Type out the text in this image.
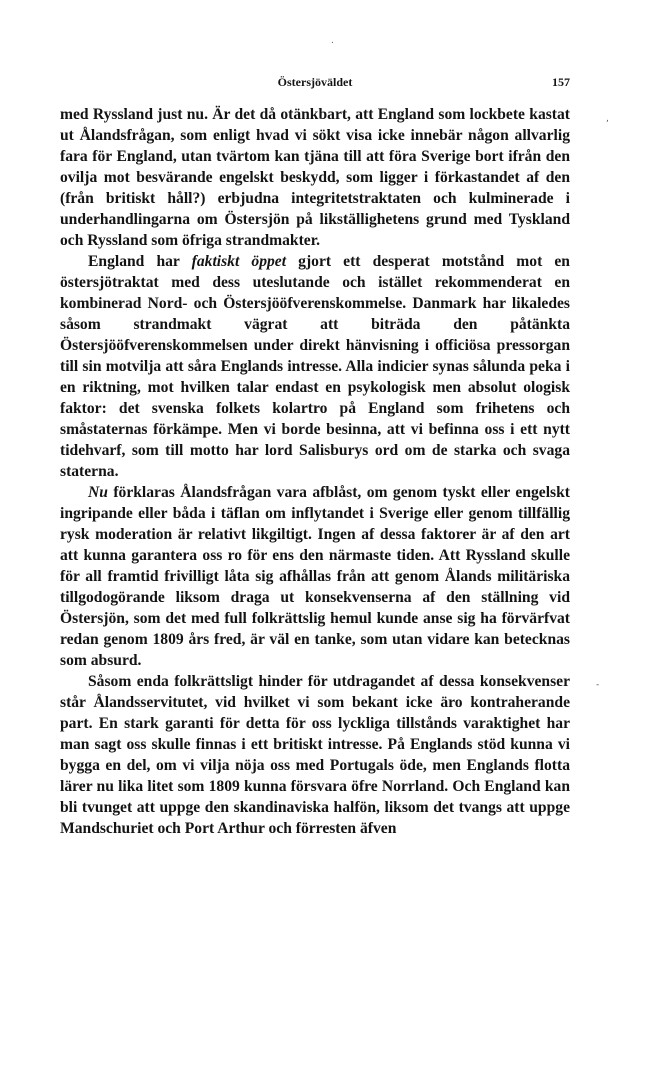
Östersjöväldet	157
.
,
-

med Ryssland just nu. Är det då otänkbart, att England som lockbete kastat ut Ålandsfrågan, som enligt hvad vi sökt visa icke innebär någon allvarlig fara för England, utan tvärtom kan tjäna till att föra Sverige bort ifrån den ovilja mot besvärande engelskt beskydd, som ligger i förkastandet af den (från britiskt håll?) erbjudna integritetstraktaten och kulminerade i underhandlingarna om Östersjön på likställighetens grund med Tyskland och Ryssland som öfriga strandmakter.

England har faktiskt öppet gjort ett desperat motstånd mot en östersjötraktat med dess uteslutande och istället rekommenderat en kombinerad Nord- och Östersjööfverenskommelse. Danmark har likaledes såsom strandmakt vägrat att biträda den påtänkta Östersjööfverenskommelsen under direkt hänvisning i officiösa pressorgan till sin motvilja att såra Englands intresse. Alla indicier synas sålunda peka i en riktning, mot hvilken talar endast en psykologisk men absolut ologisk faktor: det svenska folkets kolartro på England som frihetens och småstaternas förkämpe. Men vi borde besinna, att vi befinna oss i ett nytt tidehvarf, som till motto har lord Salisburys ord om de starka och svaga staterna.

Nu förklaras Ålandsfrågan vara afblåst, om genom tyskt eller engelskt ingripande eller båda i täflan om inflytandet i Sverige eller genom tillfällig rysk moderation är relativt likgiltigt. Ingen af dessa faktorer är af den art att kunna garantera oss ro för ens den närmaste tiden. Att Ryssland skulle för all framtid frivilligt låta sig afhållas från att genom Ålands militäriska tillgodogörande liksom draga ut konsekvenserna af den ställning vid Östersjön, som det med full folkrättslig hemul kunde anse sig ha förvärfvat redan genom 1809 års fred, är väl en tanke, som utan vidare kan betecknas som absurd.

Såsom enda folkrättsligt hinder för utdragandet af dessa konsekvenser står Ålandsservitutet, vid hvilket vi som bekant icke äro kontraherande part. En stark garanti för detta för oss lyckliga tillstånds varaktighet har man sagt oss skulle finnas i ett britiskt intresse. På Englands stöd kunna vi bygga en del, om vi vilja nöja oss med Portugals öde, men Englands flotta lärer nu lika litet som 1809 kunna försvara öfre Norrland. Och England kan bli tvunget att uppge den skandinaviska halfön, liksom det tvangs att uppge Mandschuriet och Port Arthur och förresten äfven
